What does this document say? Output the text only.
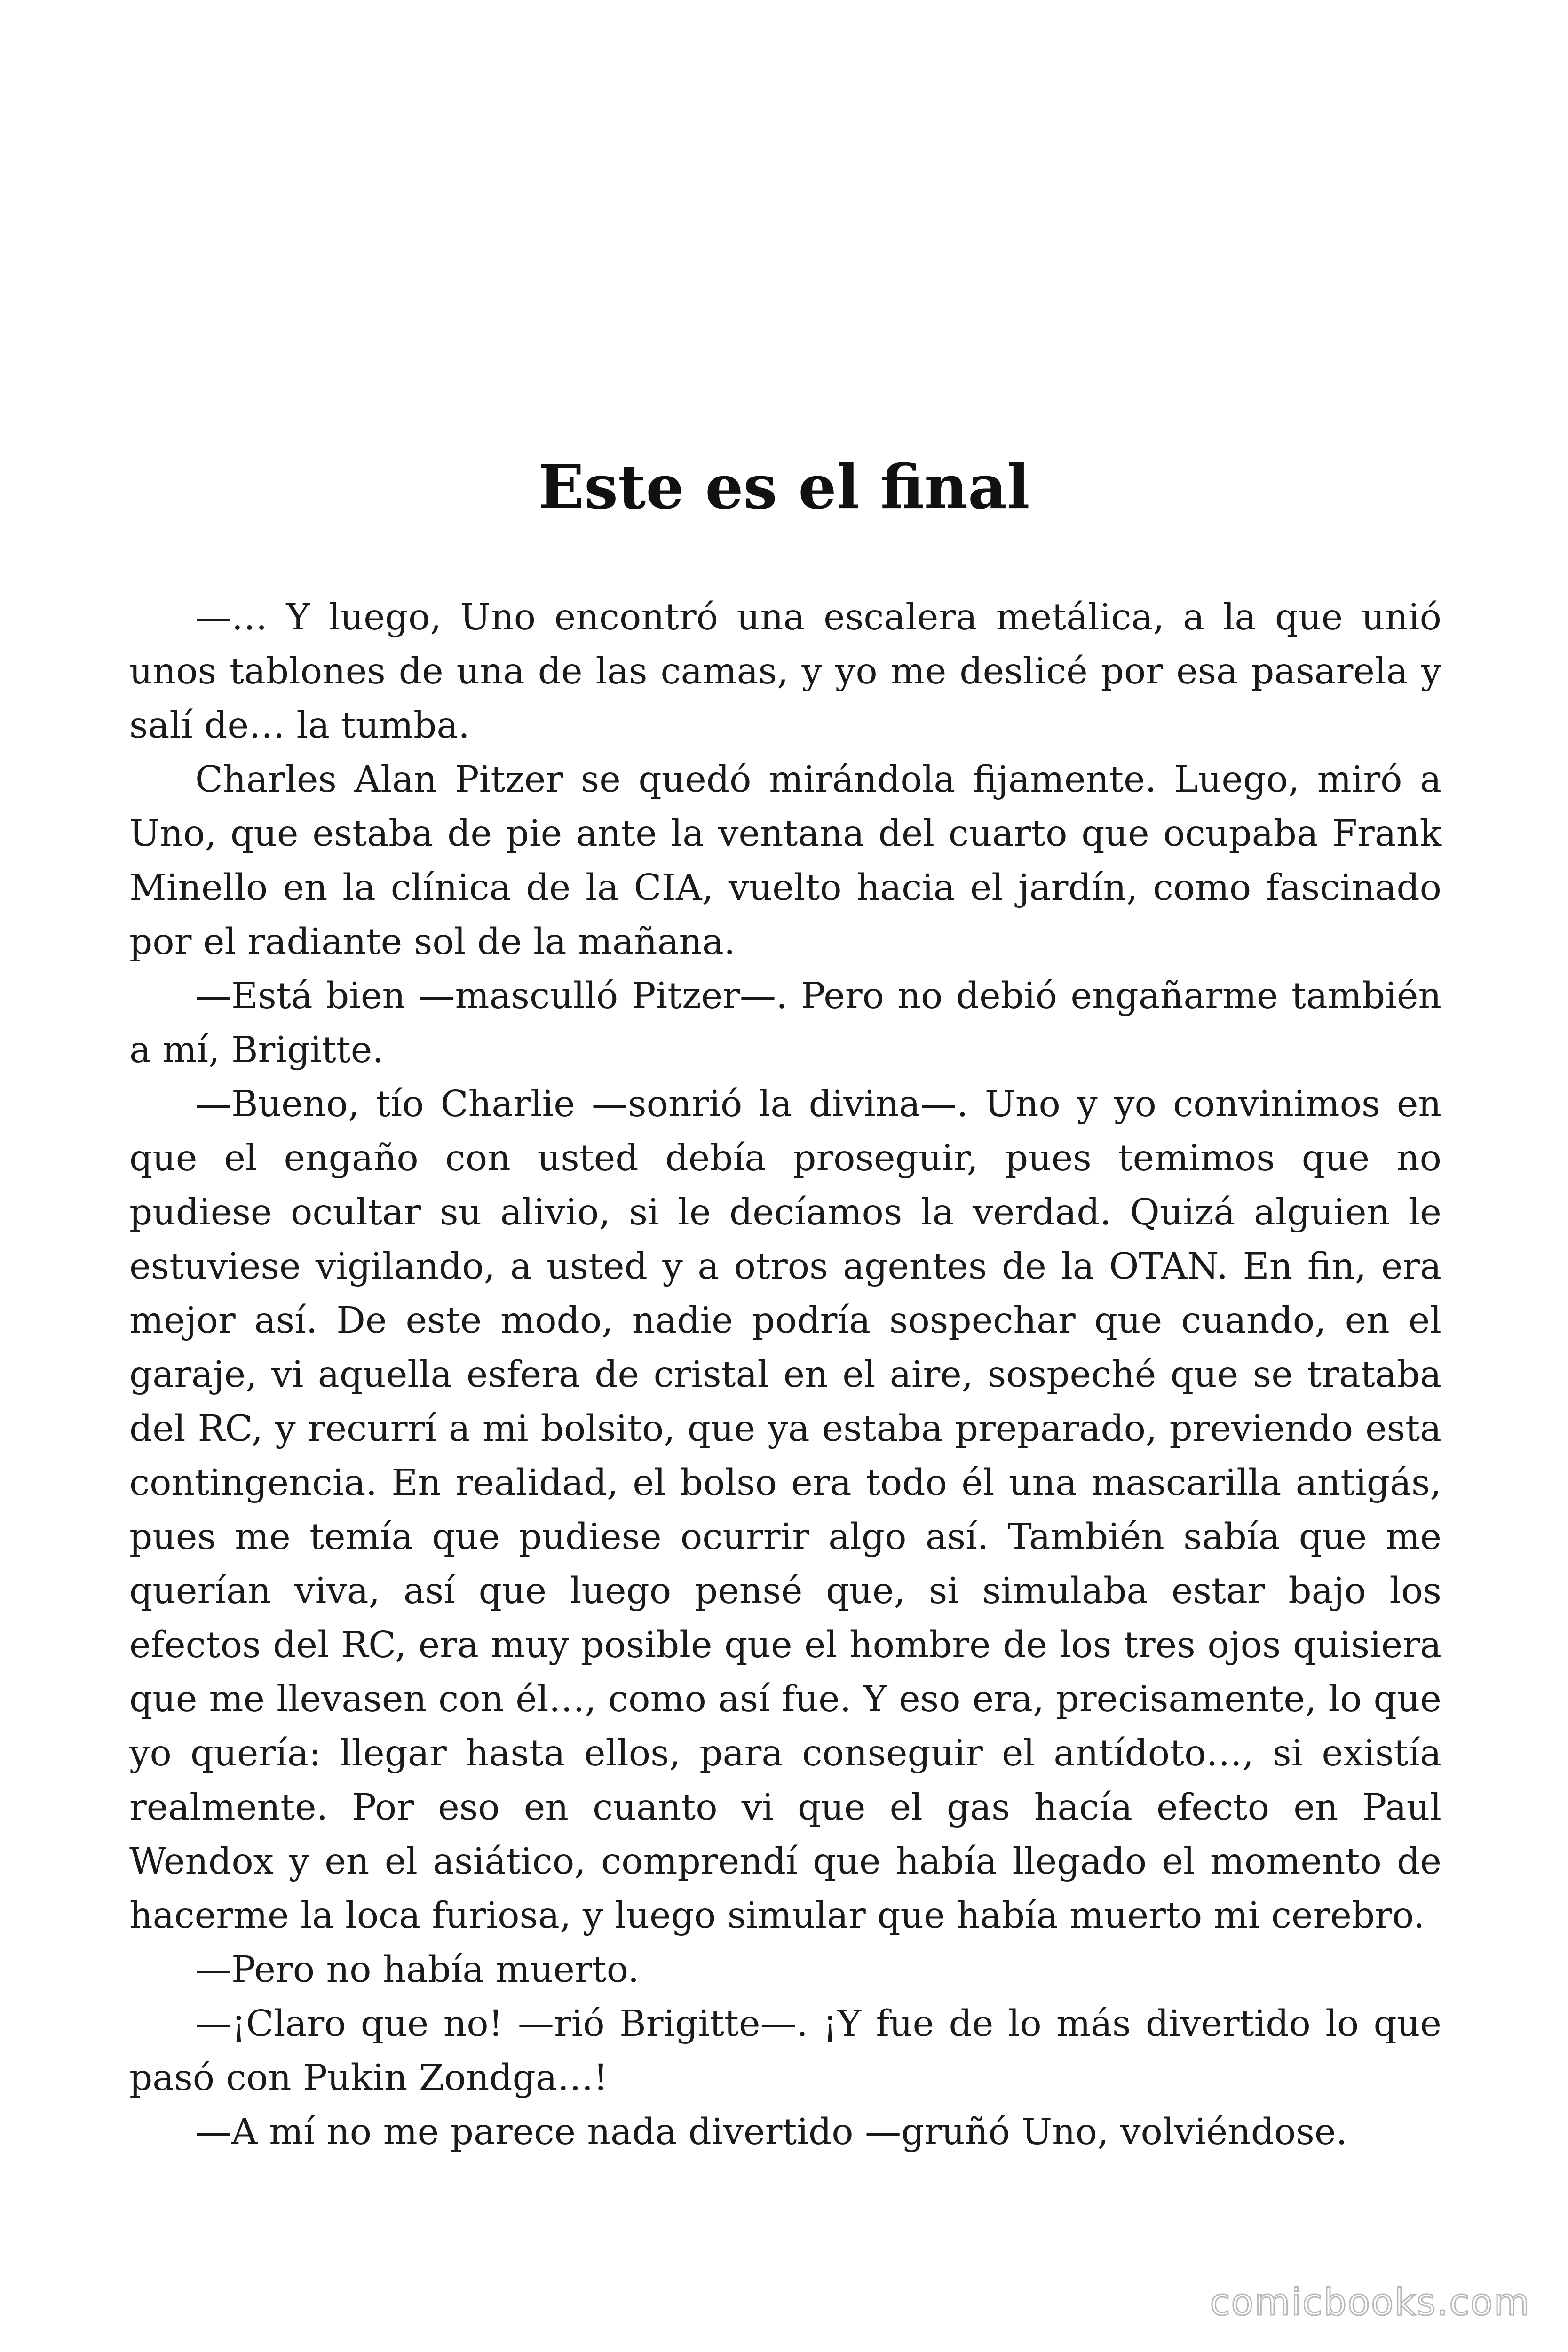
Este es el final

—… Y luego, Uno encontró una escalera metálica, a la que unió unos tablones de una de las camas, y yo me deslicé por esa pasarela y salí de… la tumba.

Charles Alan Pitzer se quedó mirándola fijamente. Luego, miró a Uno, que estaba de pie ante la ventana del cuarto que ocupaba Frank Minello en la clínica de la CIA, vuelto hacia el jardín, como fascinado por el radiante sol de la mañana.

—Está bien —masculló Pitzer—. Pero no debió engañarme también a mí, Brigitte.

—Bueno, tío Charlie —sonrió la divina—. Uno y yo convinimos en que el engaño con usted debía proseguir, pues temimos que no pudiese ocultar su alivio, si le decíamos la verdad. Quizá alguien le estuviese vigilando, a usted y a otros agentes de la OTAN. En fin, era mejor así. De este modo, nadie podría sospechar que cuando, en el garaje, vi aquella esfera de cristal en el aire, sospeché que se trataba del RC, y recurrí a mi bolsito, que ya estaba preparado, previendo esta contingencia. En realidad, el bolso era todo él una mascarilla antigás, pues me temía que pudiese ocurrir algo así. También sabía que me querían viva, así que luego pensé que, si simulaba estar bajo los efectos del RC, era muy posible que el hombre de los tres ojos quisiera que me llevasen con él…, como así fue. Y eso era, precisamente, lo que yo quería: llegar hasta ellos, para conseguir el antídoto…, si existía realmente. Por eso en cuanto vi que el gas hacía efecto en Paul Wendox y en el asiático, comprendí que había llegado el momento de hacerme la loca furiosa, y luego simular que había muerto mi cerebro.

—Pero no había muerto.

—¡Claro que no! —rió Brigitte—. ¡Y fue de lo más divertido lo que pasó con Pukin Zondga…!

—A mí no me parece nada divertido —gruñó Uno, volviéndose.

comicbooks.com
